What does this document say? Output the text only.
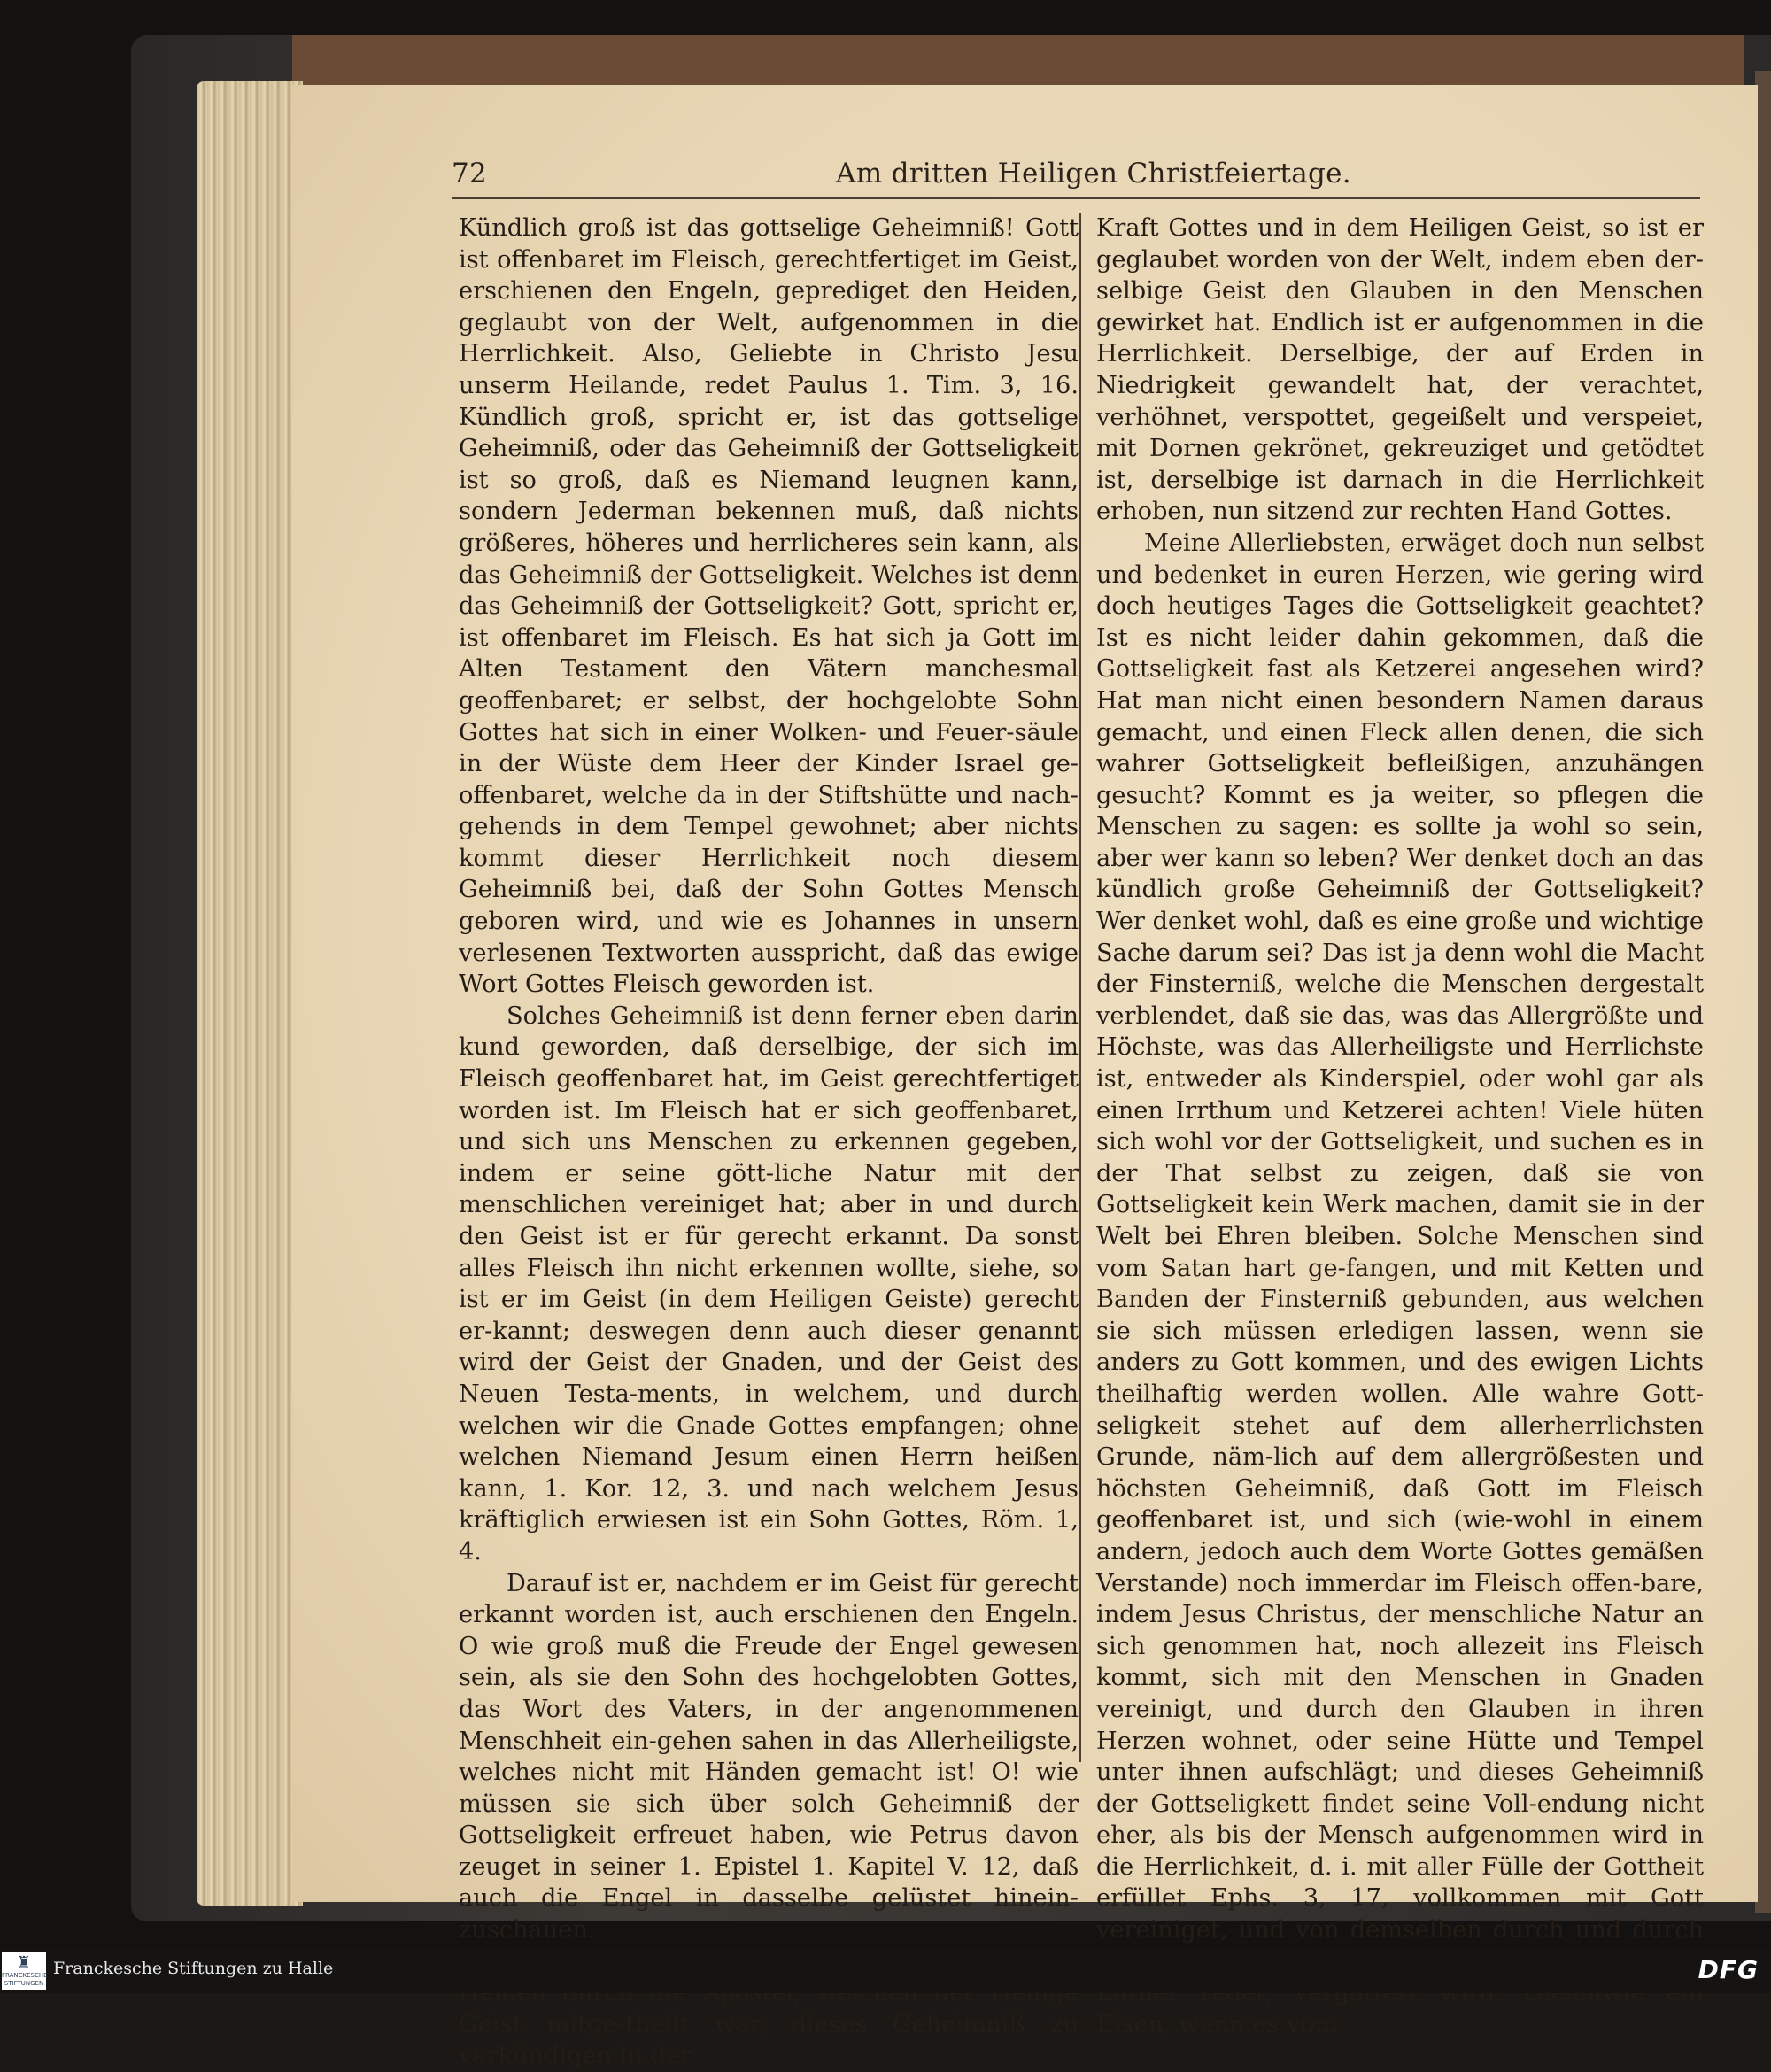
72	Am dritten Heiligen Christfeiertage.

Kündlich groß ist das gottselige Geheimniß! Gott ist offenbaret im Fleisch, gerechtfertiget im Geist, erschienen den Engeln, geprediget den Heiden, geglaubt von der Welt, aufgenommen in die Herrlichkeit. Also, Geliebte in Christo Jesu unserm Heilande, redet Paulus 1. Tim. 3, 16. Kündlich groß, spricht er, ist das gottselige Geheimniß, oder das Geheimniß der Gottseligkeit ist so groß, daß es Niemand leugnen kann, sondern Jederman bekennen muß, daß nichts größeres, höheres und herrlicheres sein kann, als das Geheimniß der Gottseligkeit. Welches ist denn das Geheimniß der Gottseligkeit? Gott, spricht er, ist offenbaret im Fleisch. Es hat sich ja Gott im Alten Testament den Vätern manchesmal geoffenbaret; er selbst, der hochgelobte Sohn Gottes hat sich in einer Wolken- und Feuer-säule in der Wüste dem Heer der Kinder Israel ge-offenbaret, welche da in der Stiftshütte und nach-gehends in dem Tempel gewohnet; aber nichts kommt dieser Herrlichkeit noch diesem Geheimniß bei, daß der Sohn Gottes Mensch geboren wird, und wie es Johannes in unsern verlesenen Textworten ausspricht, daß das ewige Wort Gottes Fleisch geworden ist.

Solches Geheimniß ist denn ferner eben darin kund geworden, daß derselbige, der sich im Fleisch geoffenbaret hat, im Geist gerechtfertiget worden ist. Im Fleisch hat er sich geoffenbaret, und sich uns Menschen zu erkennen gegeben, indem er seine gött-liche Natur mit der menschlichen vereiniget hat; aber in und durch den Geist ist er für gerecht erkannt. Da sonst alles Fleisch ihn nicht erkennen wollte, siehe, so ist er im Geist (in dem Heiligen Geiste) gerecht er-kannt; deswegen denn auch dieser genannt wird der Geist der Gnaden, und der Geist des Neuen Testa-ments, in welchem, und durch welchen wir die Gnade Gottes empfangen; ohne welchen Niemand Jesum einen Herrn heißen kann, 1. Kor. 12, 3. und nach welchem Jesus kräftiglich erwiesen ist ein Sohn Gottes, Röm. 1, 4.

Darauf ist er, nachdem er im Geist für gerecht erkannt worden ist, auch erschienen den Engeln. O wie groß muß die Freude der Engel gewesen sein, als sie den Sohn des hochgelobten Gottes, das Wort des Vaters, in der angenommenen Menschheit ein-gehen sahen in das Allerheiligste, welches nicht mit Händen gemacht ist! O! wie müssen sie sich über solch Geheimniß der Gottseligkeit erfreuet haben, wie Petrus davon zeuget in seiner 1. Epistel 1. Kapitel V. 12, daß auch die Engel in dasselbe gelüstet hinein-zuschauen.

Geist mitge-theilt war, dieses Geheimniß zu verkündigen in der

Kraft Gottes und in dem Heiligen Geist, so ist er geglaubet worden von der Welt, indem eben der-selbige Geist den Glauben in den Menschen gewirket hat. Endlich ist er aufgenommen in die Herrlichkeit. Derselbige, der auf Erden in Niedrigkeit gewandelt hat, der verachtet, verhöhnet, verspottet, gegeißelt und verspeiet, mit Dornen gekrönet, gekreuziget und getödtet ist, derselbige ist darnach in die Herrlichkeit erhoben, nun sitzend zur rechten Hand Gottes.

Meine Allerliebsten, erwäget doch nun selbst und bedenket in euren Herzen, wie gering wird doch heutiges Tages die Gottseligkeit geachtet? Ist es nicht leider dahin gekommen, daß die Gottseligkeit fast als Ketzerei angesehen wird? Hat man nicht einen besondern Namen daraus gemacht, und einen Fleck allen denen, die sich wahrer Gottseligkeit befleißigen, anzuhängen gesucht? Kommt es ja weiter, so pflegen die Menschen zu sagen: es sollte ja wohl so sein, aber wer kann so leben? Wer denket doch an das kündlich große Geheimniß der Gottseligkeit? Wer denket wohl, daß es eine große und wichtige Sache darum sei? Das ist ja denn wohl die Macht der Finsterniß, welche die Menschen dergestalt verblendet, daß sie das, was das Allergrößte und Höchste, was das Allerheiligste und Herrlichste ist, entweder als Kinderspiel, oder wohl gar als einen Irrthum und Ketzerei achten! Viele hüten sich wohl vor der Gottseligkeit, und suchen es in der That selbst zu zeigen, daß sie von Gottseligkeit kein Werk machen, damit sie in der Welt bei Ehren bleiben. Solche Menschen sind vom Satan hart ge-fangen, und mit Ketten und Banden der Finsterniß gebunden, aus welchen sie sich müssen erledigen lassen, wenn sie anders zu Gott kommen, und des ewigen Lichts theilhaftig werden wollen. Alle wahre Gott-seligkeit stehet auf dem allerherrlichsten Grunde, näm-lich auf dem allergrößesten und höchsten Geheimniß, daß Gott im Fleisch geoffenbaret ist, und sich (wie-wohl in einem andern, jedoch auch dem Worte Gottes gemäßen Verstande) noch immerdar im Fleisch offen-bare, indem Jesus Christus, der menschliche Natur an sich genommen hat, noch allezeit ins Fleisch kommt, sich mit den Menschen in Gnaden vereinigt, und durch den Glauben in ihren Herzen wohnet, oder seine Hütte und Tempel unter ihnen aufschlägt; und dieses Geheimniß der Gottseligkett findet seine Voll-endung nicht eher, als bis der Mensch aufgenommen wird in die Herrlichkeit, d. i. mit aller Fülle der Gottheit erfüllet Ephs. 3, 17, vollkommen mit Gott vereiniget, und von demselben durch und durch Eisen, wenn es vom

♜
FRANCKESCHE STIFTUNGEN
Franckesche Stiftungen zu Halle	DFG
